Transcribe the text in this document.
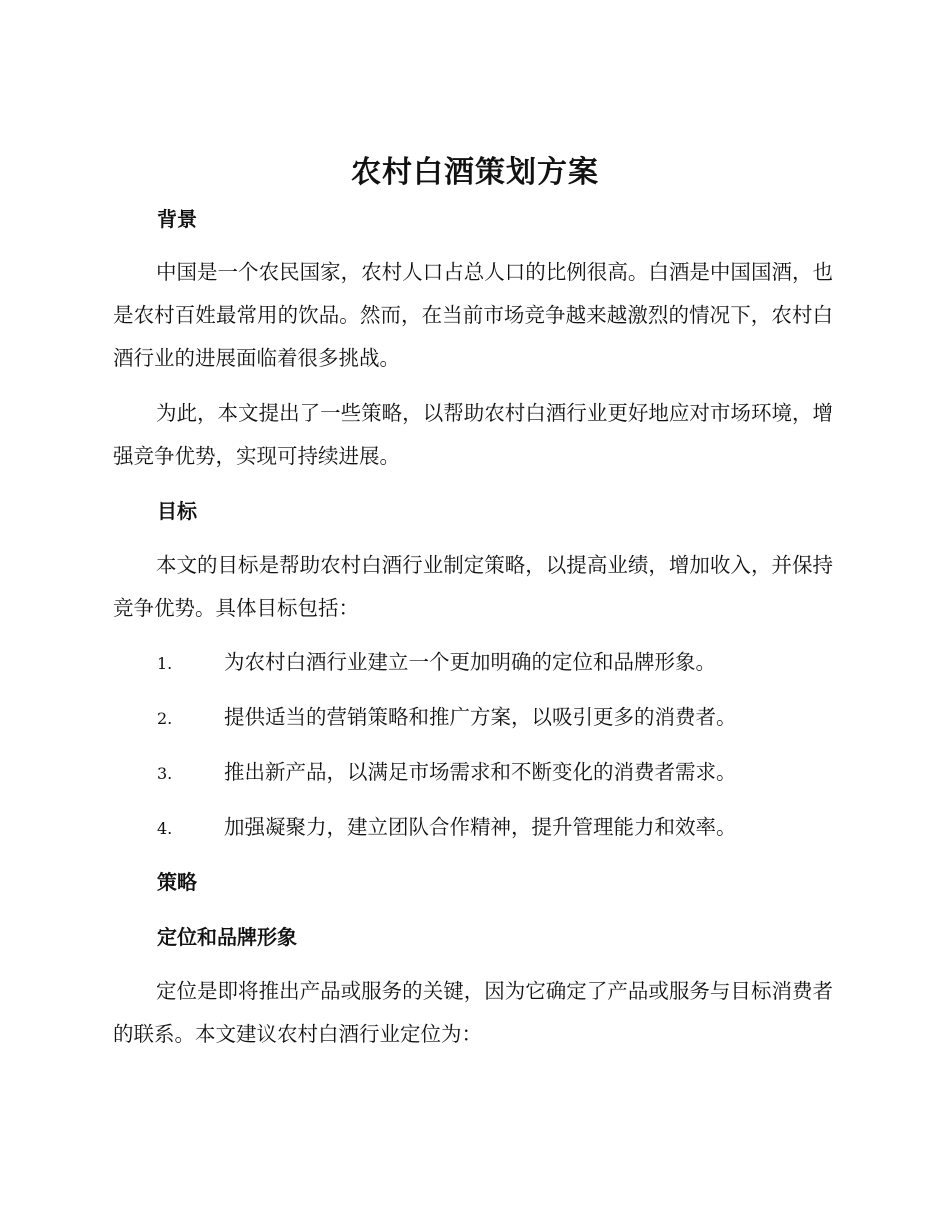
农村白酒策划方案
背景
中国是一个农民国家，农村人口占总人口的比例很高。白酒是中国国酒，也是农村百姓最常用的饮品。然而，在当前市场竞争越来越激烈的情况下，农村白酒行业的进展面临着很多挑战。
为此，本文提出了一些策略，以帮助农村白酒行业更好地应对市场环境，增强竞争优势，实现可持续进展。
目标
本文的目标是帮助农村白酒行业制定策略，以提高业绩，增加收入，并保持竞争优势。具体目标包括：
1.	为农村白酒行业建立一个更加明确的定位和品牌形象。
2.	提供适当的营销策略和推广方案，以吸引更多的消费者。
3.	推出新产品，以满足市场需求和不断变化的消费者需求。
4.	加强凝聚力，建立团队合作精神，提升管理能力和效率。
策略
定位和品牌形象
定位是即将推出产品或服务的关键，因为它确定了产品或服务与目标消费者的联系。本文建议农村白酒行业定位为：
